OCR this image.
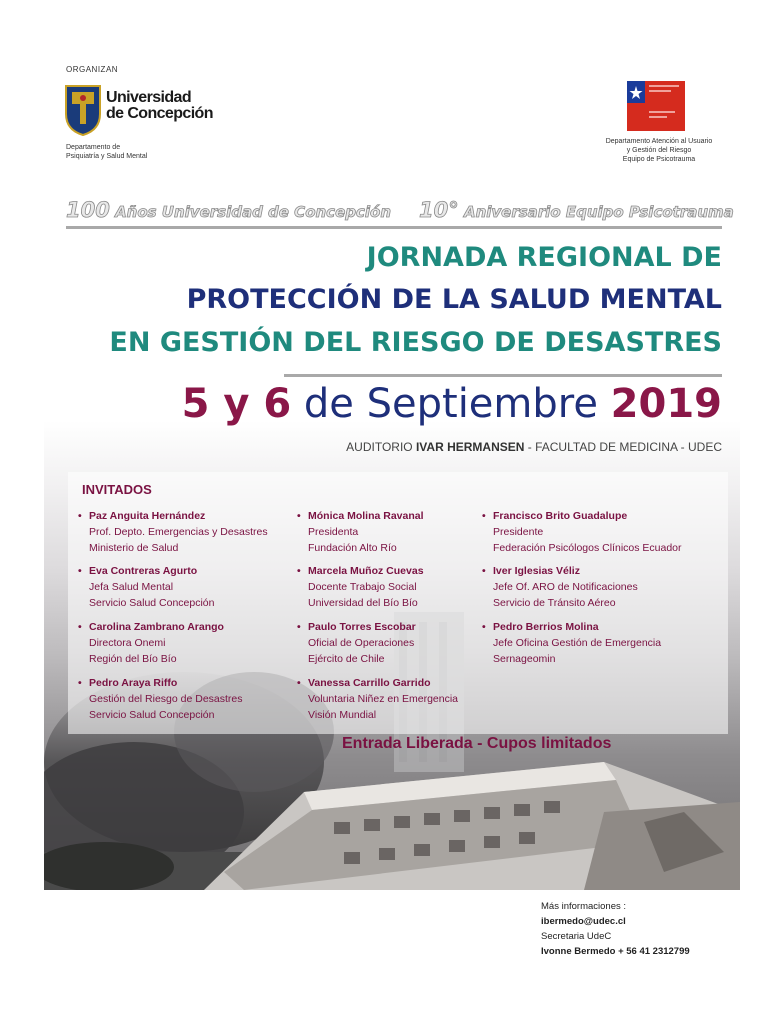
ORGANIZAN
Universidad
de Concepción
Departamento de
Psiquiatría y Salud Mental
Departamento Atención al Usuario
y Gestión del Riesgo
Equipo de Psicotrauma
100 Años Universidad de Concepción 10° Aniversario Equipo Psicotrauma
JORNADA REGIONAL DE
PROTECCIÓN DE LA SALUD MENTAL
EN GESTIÓN DEL RIESGO DE DESASTRES
5 y 6 de Septiembre 2019
AUDITORIO IVAR HERMANSEN - FACULTAD DE MEDICINA - UDEC
INVITADOS
• Paz Anguita Hernández
Prof. Depto. Emergencias y Desastres
Ministerio de Salud
• Eva Contreras Agurto
Jefa Salud Mental
Servicio Salud Concepción
• Carolina Zambrano Arango
Directora Onemi
Región del Bío Bío
• Pedro Araya Riffo
Gestión del Riesgo de Desastres
Servicio Salud Concepción
• Mónica Molina Ravanal
Presidenta
Fundación Alto Río
• Marcela Muñoz Cuevas
Docente Trabajo Social
Universidad del Bío Bío
• Paulo Torres Escobar
Oficial de Operaciones
Ejército de Chile
• Vanessa Carrillo Garrido
Voluntaria Niñez en Emergencia
Visión Mundial
• Francisco Brito Guadalupe
Presidente
Federación Psicólogos Clínicos Ecuador
• Iver Iglesias Véliz
Jefe Of. ARO de Notificaciones
Servicio de Tránsito Aéreo
• Pedro Berrios Molina
Jefe Oficina Gestión de Emergencia
Sernageomin
Entrada Liberada - Cupos limitados
Más informaciones :
ibermedo@udec.cl
Secretaria UdeC
Ivonne Bermedo + 56 41 2312799
